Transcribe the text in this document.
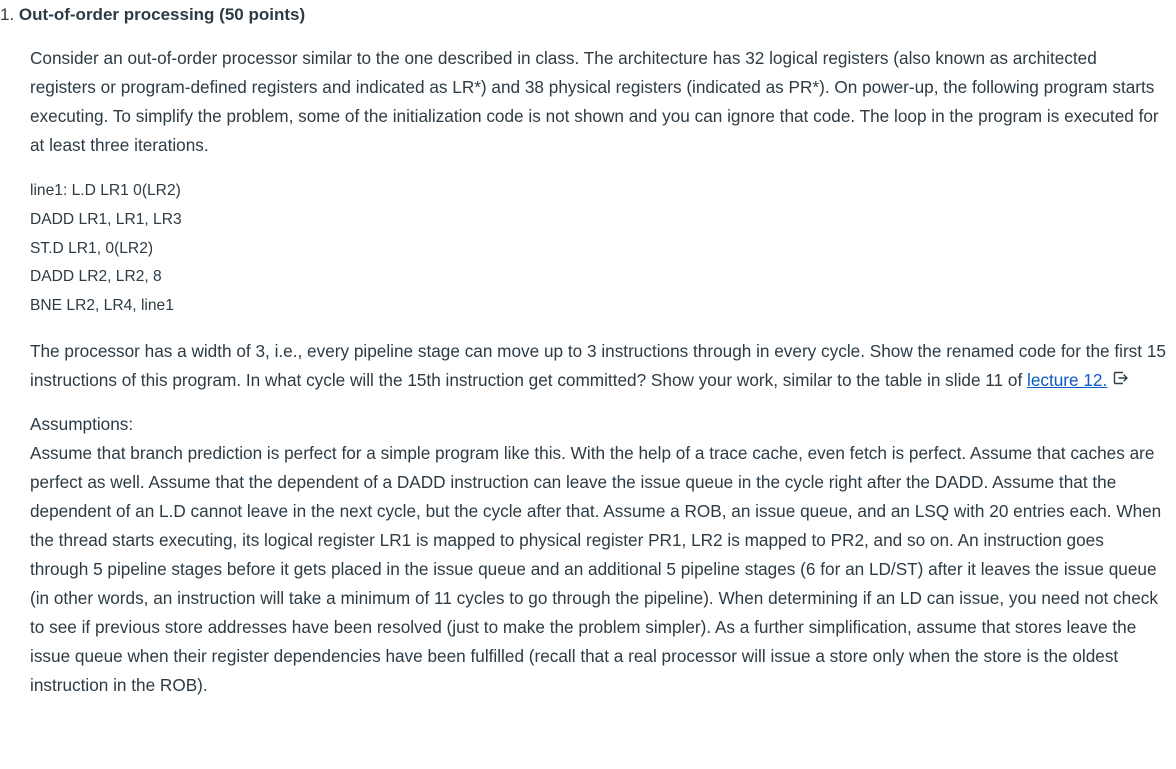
1. Out-of-order processing (50 points)

Consider an out-of-order processor similar to the one described in class. The architecture has 32 logical registers (also known as architected registers or program-defined registers and indicated as LR*) and 38 physical registers (indicated as PR*). On power-up, the following program starts executing. To simplify the problem, some of the initialization code is not shown and you can ignore that code. The loop in the program is executed for at least three iterations.

line1: L.D LR1 0(LR2)
DADD LR1, LR1, LR3
ST.D LR1, 0(LR2)
DADD LR2, LR2, 8
BNE LR2, LR4, line1

The processor has a width of 3, i.e., every pipeline stage can move up to 3 instructions through in every cycle. Show the renamed code for the first 15 instructions of this program. In what cycle will the 15th instruction get committed? Show your work, similar to the table in slide 11 of lecture 12.

Assumptions:

Assume that branch prediction is perfect for a simple program like this. With the help of a trace cache, even fetch is perfect. Assume that caches are perfect as well. Assume that the dependent of a DADD instruction can leave the issue queue in the cycle right after the DADD. Assume that the dependent of an L.D cannot leave in the next cycle, but the cycle after that. Assume a ROB, an issue queue, and an LSQ with 20 entries each. When the thread starts executing, its logical register LR1 is mapped to physical register PR1, LR2 is mapped to PR2, and so on. An instruction goes through 5 pipeline stages before it gets placed in the issue queue and an additional 5 pipeline stages (6 for an LD/ST) after it leaves the issue queue (in other words, an instruction will take a minimum of 11 cycles to go through the pipeline). When determining if an LD can issue, you need not check to see if previous store addresses have been resolved (just to make the problem simpler). As a further simplification, assume that stores leave the issue queue when their register dependencies have been fulfilled (recall that a real processor will issue a store only when the store is the oldest instruction in the ROB).
